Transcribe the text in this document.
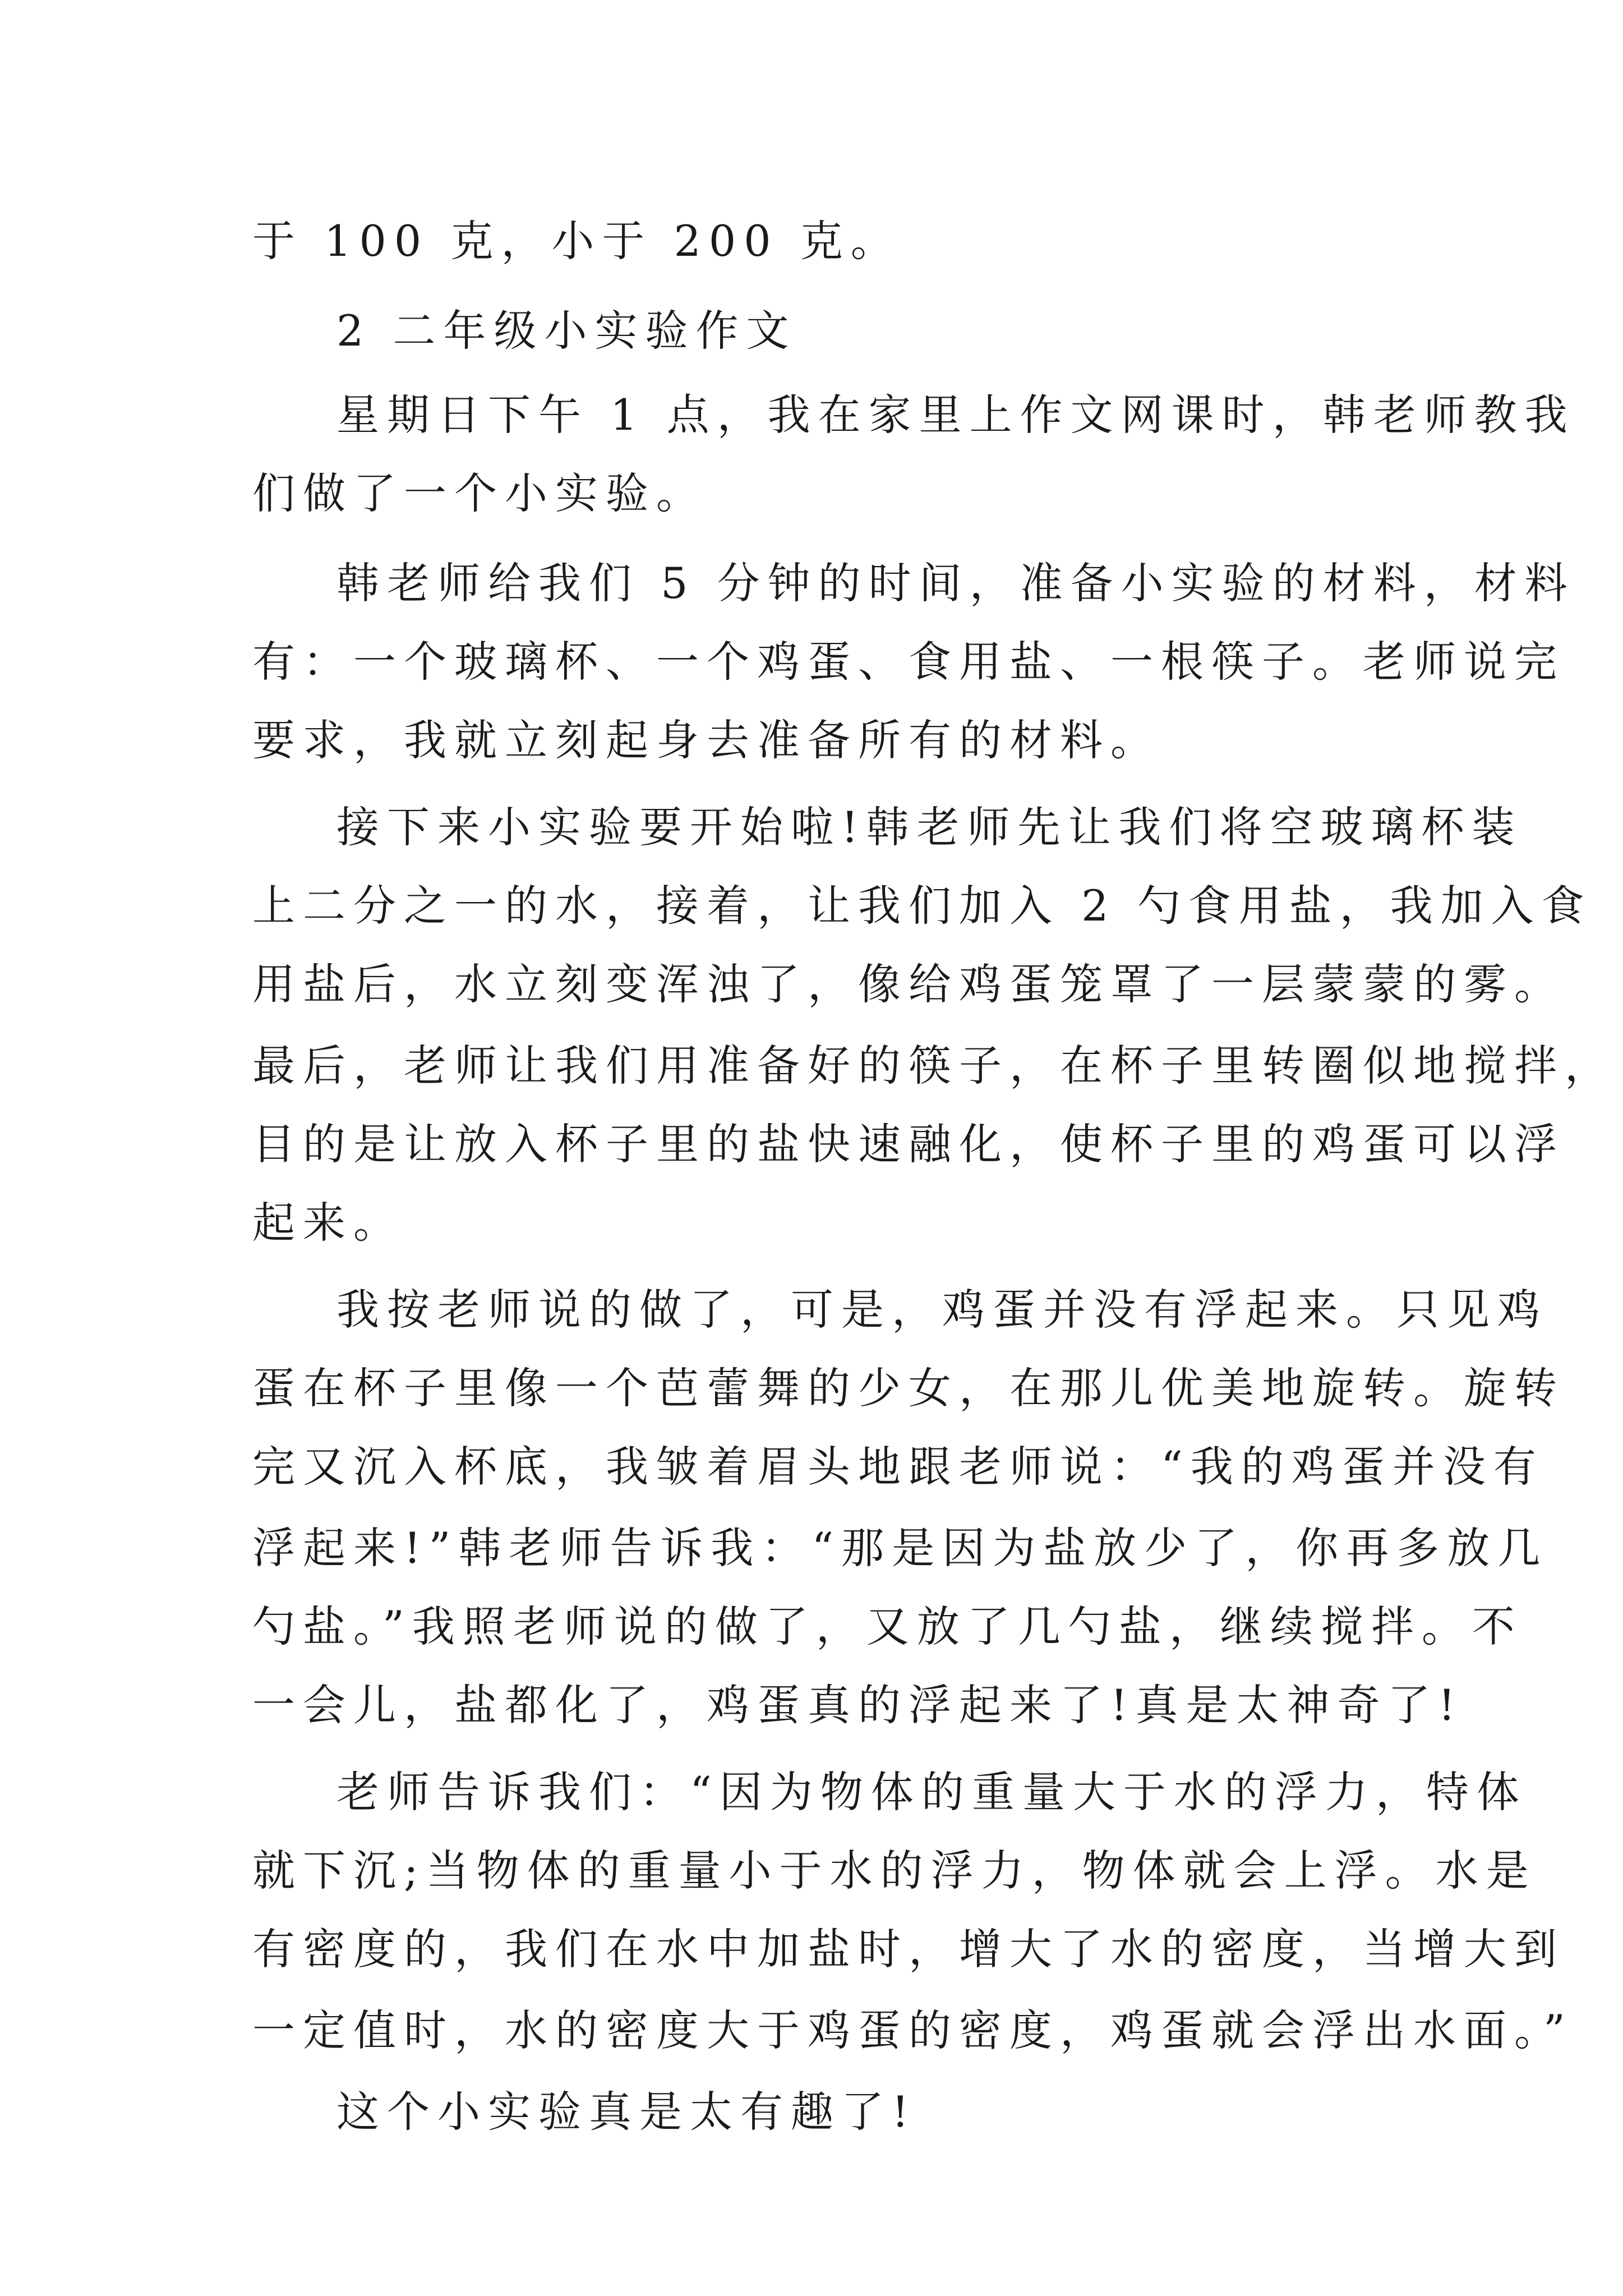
于 100 克，小于 200 克。
2 二年级小实验作文
星期日下午 1 点，我在家里上作文网课时，韩老师教我
们做了一个小实验。
韩老师给我们 5 分钟的时间，准备小实验的材料，材料
有：一个玻璃杯、一个鸡蛋、食用盐、一根筷子。老师说完
要求，我就立刻起身去准备所有的材料。
接下来小实验要开始啦!韩老师先让我们将空玻璃杯装
上二分之一的水，接着，让我们加入 2 勺食用盐，我加入食
用盐后，水立刻变浑浊了，像给鸡蛋笼罩了一层蒙蒙的雾。
最后，老师让我们用准备好的筷子，在杯子里转圈似地搅拌，
目的是让放入杯子里的盐快速融化，使杯子里的鸡蛋可以浮
起来。
我按老师说的做了，可是，鸡蛋并没有浮起来。只见鸡
蛋在杯子里像一个芭蕾舞的少女，在那儿优美地旋转。旋转
完又沉入杯底，我皱着眉头地跟老师说：“我的鸡蛋并没有
浮起来!”韩老师告诉我：“那是因为盐放少了，你再多放几
勺盐。”我照老师说的做了，又放了几勺盐，继续搅拌。不
一会儿，盐都化了，鸡蛋真的浮起来了!真是太神奇了!
老师告诉我们：“因为物体的重量大于水的浮力，特体
就下沉;当物体的重量小于水的浮力，物体就会上浮。水是
有密度的，我们在水中加盐时，增大了水的密度，当增大到
一定值时，水的密度大于鸡蛋的密度，鸡蛋就会浮出水面。”
这个小实验真是太有趣了!
